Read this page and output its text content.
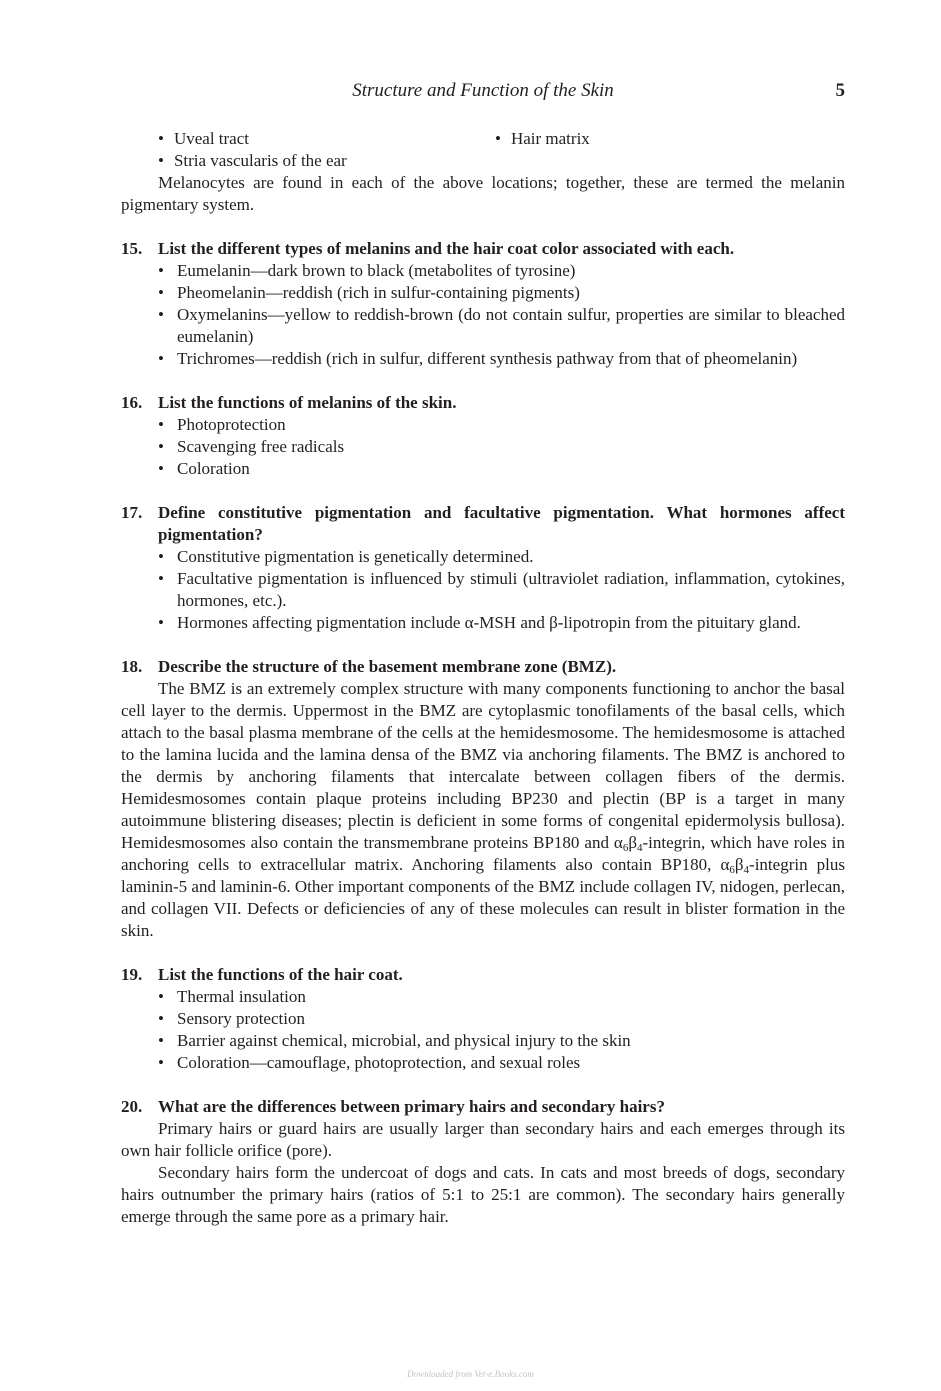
Structure and Function of the Skin	5
• Uveal tract
•	Hair matrix
• Stria vascularis of the ear

Melanocytes are found in each of the above locations; together, these are termed the melanin pigmentary system.

15. List the different types of melanins and the hair coat color associated with each.
• Eumelanin—dark brown to black (metabolites of tyrosine)
• Pheomelanin—reddish (rich in sulfur-containing pigments)
• Oxymelanins—yellow to reddish-brown (do not contain sulfur, properties are similar to bleached eumelanin)
• Trichromes—reddish (rich in sulfur, different synthesis pathway from that of pheomelanin)
16. List the functions of melanins of the skin.
• Photoprotection
• Scavenging free radicals
• Coloration
17. Define constitutive pigmentation and facultative pigmentation. What hormones affect pigmentation?
• Constitutive pigmentation is genetically determined.
• Facultative pigmentation is influenced by stimuli (ultraviolet radiation, inflammation, cytokines, hormones, etc.).
• Hormones affecting pigmentation include α-MSH and β-lipotropin from the pituitary gland.
18. Describe the structure of the basement membrane zone (BMZ).

The BMZ is an extremely complex structure with many components functioning to anchor the basal cell layer to the dermis. Uppermost in the BMZ are cytoplasmic tonofilaments of the basal cells, which attach to the basal plasma membrane of the cells at the hemidesmosome. The hemidesmosome is attached to the lamina lucida and the lamina densa of the BMZ via anchoring filaments. The BMZ is anchored to the dermis by anchoring filaments that intercalate between collagen fibers of the dermis. Hemidesmosomes contain plaque proteins including BP230 and plectin (BP is a target in many autoimmune blistering diseases; plectin is deficient in some forms of congenital epidermolysis bullosa). Hemidesmosomes also contain the transmembrane proteins BP180 and $\alpha_6\beta_4$-integrin, which have roles in anchoring cells to extracellular matrix. Anchoring filaments also contain BP180, $\alpha_6\beta_4$-integrin plus laminin-5 and laminin-6. Other important components of the BMZ include collagen IV, nidogen, perlecan, and collagen VII. Defects or deficiencies of any of these molecules can result in blister formation in the skin.

19. List the functions of the hair coat.
• Thermal insulation
• Sensory protection
• Barrier against chemical, microbial, and physical injury to the skin
• Coloration—camouflage, photoprotection, and sexual roles
20. What are the differences between primary hairs and secondary hairs?

Primary hairs or guard hairs are usually larger than secondary hairs and each emerges through its own hair follicle orifice (pore).

Secondary hairs form the undercoat of dogs and cats. In cats and most breeds of dogs, secondary hairs outnumber the primary hairs (ratios of 5:1 to 25:1 are common). The secondary hairs generally emerge through the same pore as a primary hair.

Downloaded from Vet-e.Books.com
